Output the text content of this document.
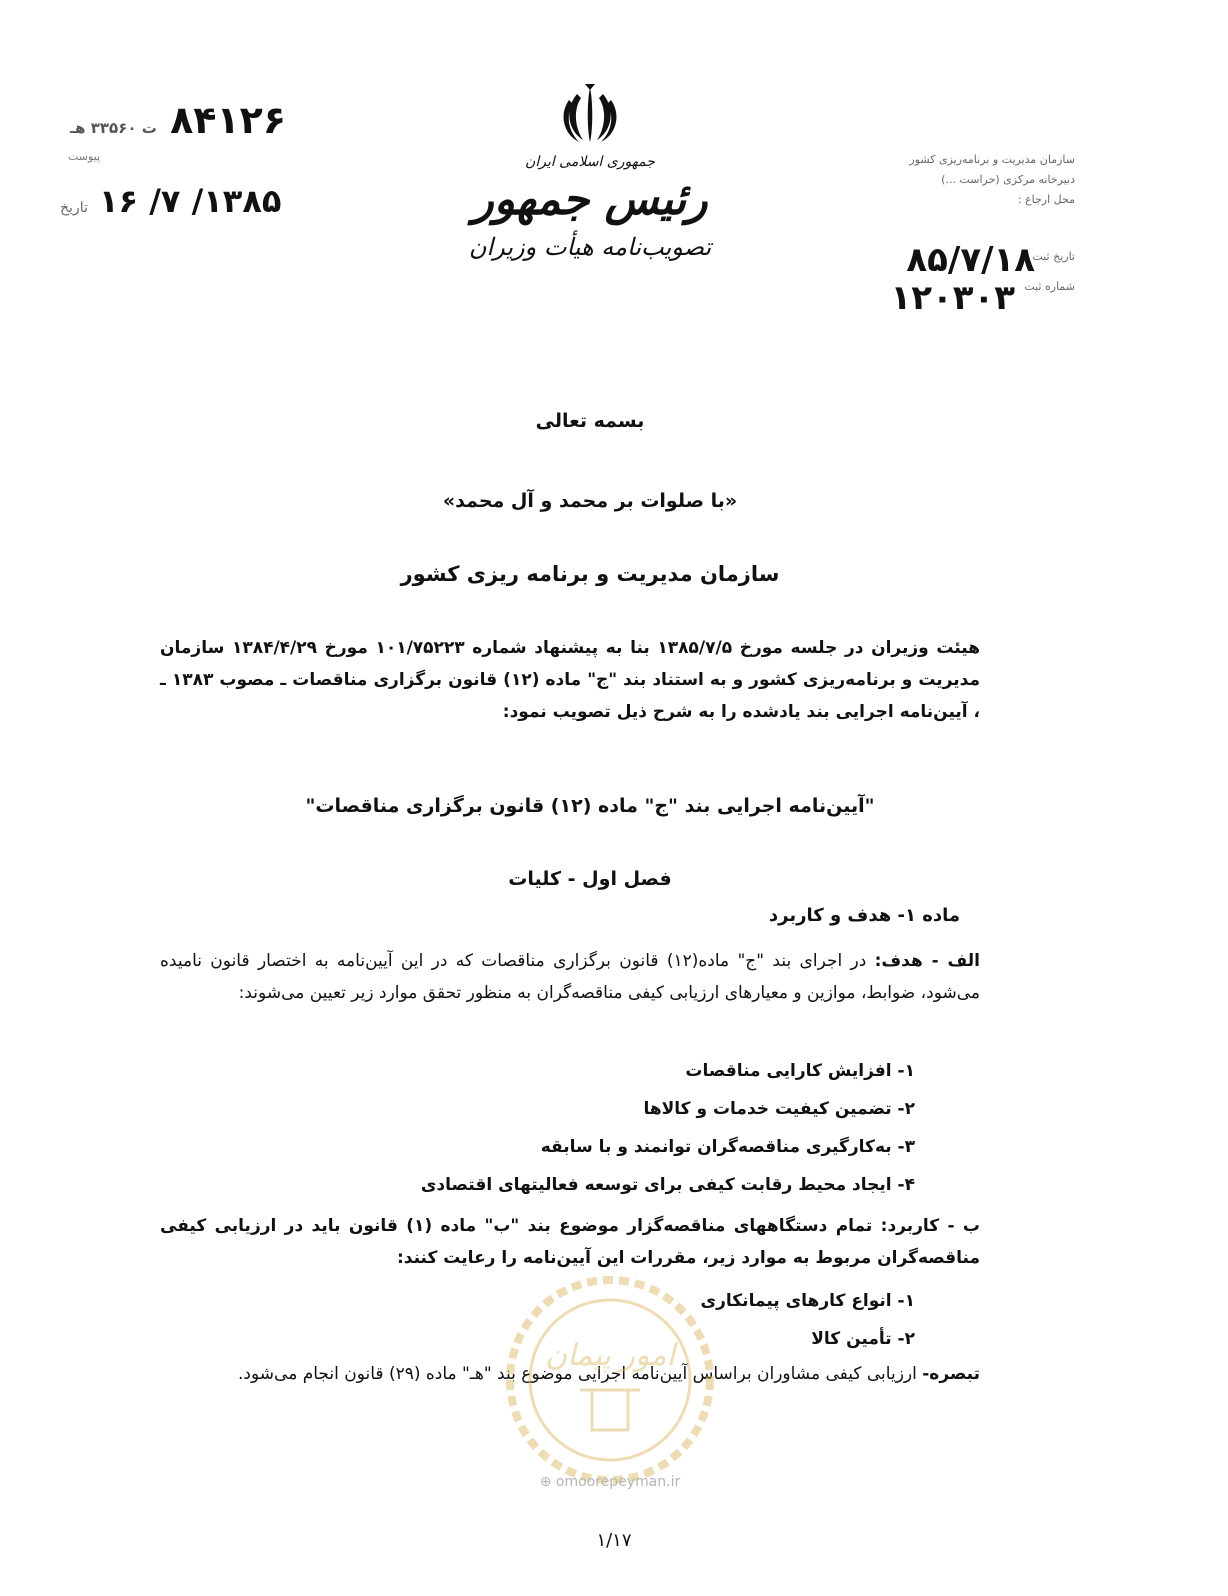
۸۴۱۲۶ ت ۳۳۵۶۰ هـ
پیوست
۱۳۸۵/ ۷/ ۱۶ تاریخ
جمهوری اسلامی ایران
رئیس جمهور
تصویب‌نامه هیأت وزیران
سازمان مدیریت و برنامه‌ریزی کشور
دبیرخانه مرکزی (حراست ...)
محل ارجاع :
۸۵/۷/۱۸
تاریخ ثبت
۱۲۰۳۰۳ شماره ثبت
بسمه تعالی
«با صلوات بر محمد و آل محمد»
سازمان مدیریت و برنامه ریزی کشور
هیئت وزیران در جلسه مورخ ۱۳۸۵/۷/۵ بنا به پیشنهاد شماره ۱۰۱/۷۵۲۲۳ مورخ ۱۳۸۴/۴/۲۹ سازمان مدیریت و برنامه‌ریزی کشور و به استناد بند "ج" ماده (۱۲) قانون برگزاری مناقصات ـ مصوب ۱۳۸۳ ـ ، آیین‌نامه اجرایی بند یادشده را به شرح ذیل تصویب نمود:
"آیین‌نامه اجرایی بند "ج" ماده (۱۲) قانون برگزاری مناقصات"
فصل اول - کلیات
ماده ۱- هدف و کاربرد
الف - هدف: در اجرای بند "ج" ماده(۱۲) قانون برگزاری مناقصات که در این آیین‌نامه به اختصار قانون نامیده می‌شود، ضوابط، موازین و معیارهای ارزیابی کیفی مناقصه‌گران به منظور تحقق موارد زیر تعیین می‌شوند:
۱- افزایش کارایی مناقصات
۲- تضمین کیفیت خدمات و کالاها
۳- به‌کارگیری مناقصه‌گران توانمند و با سابقه
۴- ایجاد محیط رقابت کیفی برای توسعه فعالیتهای اقتصادی
ب - کاربرد: تمام دستگاههای مناقصه‌گزار موضوع بند "ب" ماده (۱) قانون باید در ارزیابی کیفی مناقصه‌گران مربوط به موارد زیر، مقررات این آیین‌نامه را رعایت کنند:
۱- انواع کارهای پیمانکاری
۲- تأمین کالا
تبصره- ارزیابی کیفی مشاوران براساس آیین‌نامه اجرایی موضوع بند "هـ" ماده (۲۹) قانون انجام می‌شود.
امور پیمان
⊕ omoorepeyman.ir
۱/۱۷
